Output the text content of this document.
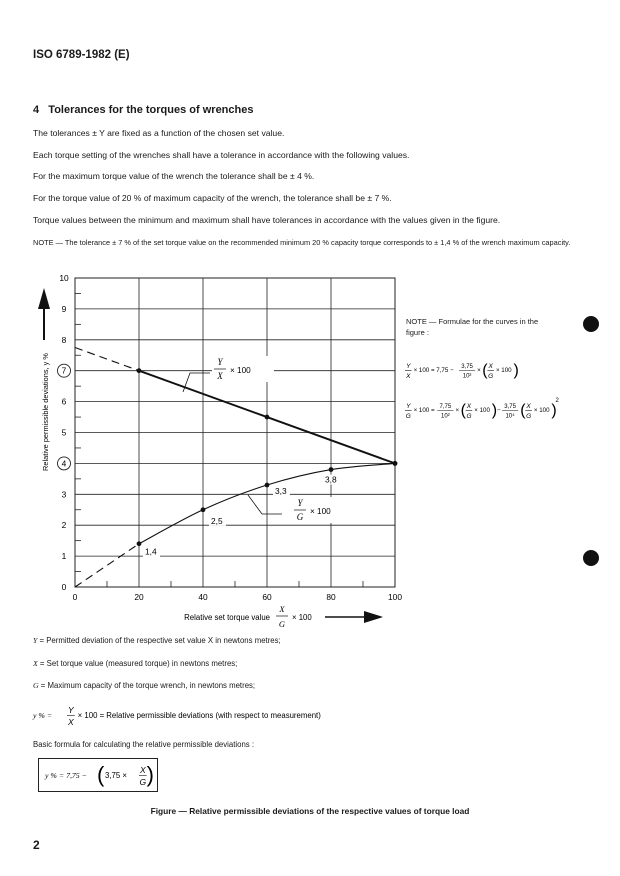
ISO 6789-1982 (E)
4 Tolerances for the torques of wrenches
The tolerances ± Y are fixed as a function of the chosen set value.
Each torque setting of the wrenches shall have a tolerance in accordance with the following values.
For the maximum torque value of the wrench the tolerance shall be ± 4 %.
For the torque value of 20 % of maximum capacity of the wrench, the tolerance shall be ± 7 %.
Torque values between the minimum and maximum shall have tolerances in accordance with the values given in the figure.
NOTE — The tolerance ± 7 % of the set torque value on the recommended minimum 20 % capacity torque corresponds to ± 1,4 % of the wrench maximum capacity.
0
1
2
3
4
5
6
7
8
9
10
0	20	40	60	80	100
Relative permissible deviations, y %
Relative set torque value
X
G
× 100
1,4
2,5
3,3
3,8
Y
X
× 100
Y
G
× 100
NOTE — Formulae for the curves in the figure :
Y
X
× 100 = 7,75 − 3,75
10²
× ( X
G
× 100 )
Y
G
× 100 = 7,75
10²
× ( X
G
× 100 ) − 3,75
10⁴ ( X
G
× 100 )
2
Y = Permitted deviation of the respective set value X in newtons metres;
X = Set torque value (measured torque) in newtons metres;
G = Maximum capacity of the torque wrench, in newtons metres;
y % =
Y
X
× 100 = Relative permissible deviations (with respect to measurement)
Basic formula for calculating the relative permissible deviations :
y % = 7,75 − ( 3,75 ×
X
G )
Figure — Relative permissible deviations of the respective values of torque load
2
